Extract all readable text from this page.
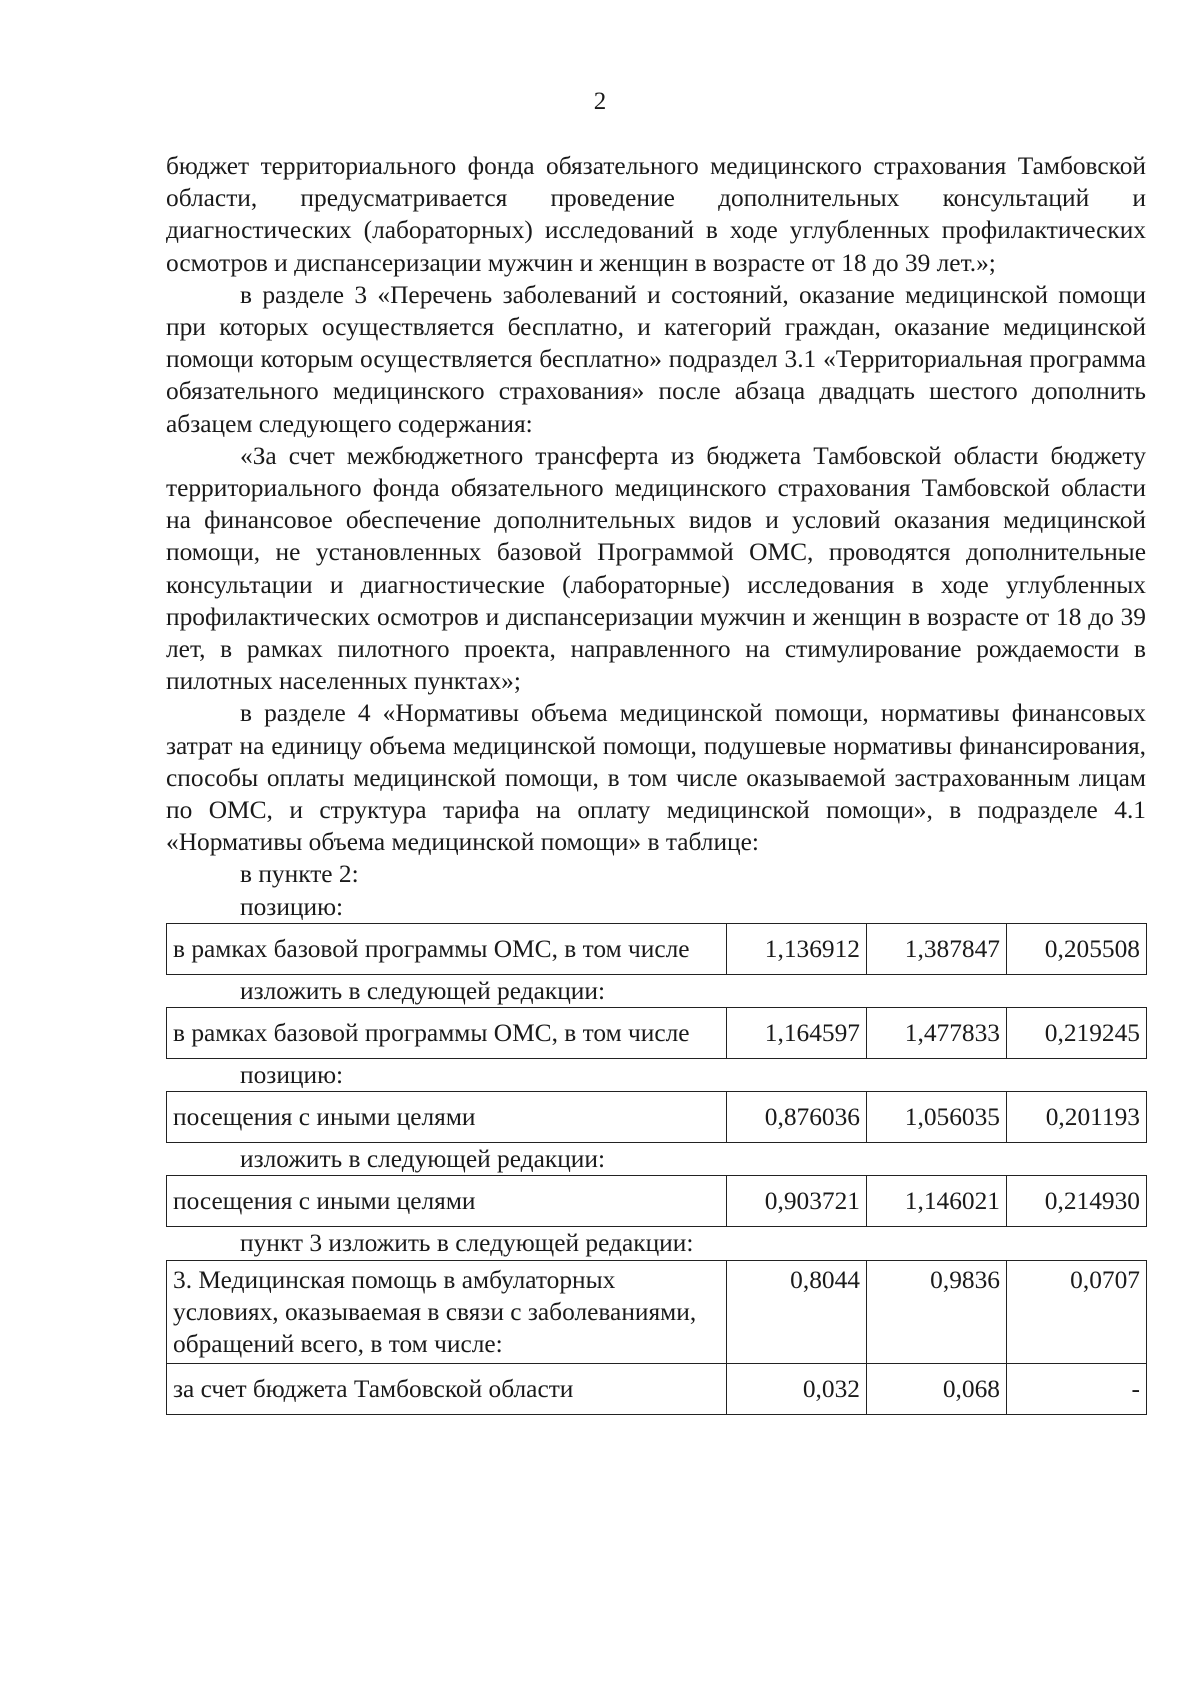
2

бюджет территориального фонда обязательного медицинского страхования Тамбовской области, предусматривается проведение дополнительных консультаций и диагностических (лабораторных) исследований в ходе углубленных профилактических осмотров и диспансеризации мужчин и женщин в возрасте от 18 до 39 лет.»;

в разделе 3 «Перечень заболеваний и состояний, оказание медицинской помощи при которых осуществляется бесплатно, и категорий граждан, оказание медицинской помощи которым осуществляется бесплатно» подраздел 3.1 «Территориальная программа обязательного медицинского страхования» после абзаца двадцать шестого дополнить абзацем следующего содержания:

«За счет межбюджетного трансферта из бюджета Тамбовской области бюджету территориального фонда обязательного медицинского страхования Тамбовской области на финансовое обеспечение дополнительных видов и условий оказания медицинской помощи, не установленных базовой Программой ОМС, проводятся дополнительные консультации и диагностические (лабораторные) исследования в ходе углубленных профилактических осмотров и диспансеризации мужчин и женщин в возрасте от 18 до 39 лет, в рамках пилотного проекта, направленного на стимулирование рождаемости в пилотных населенных пунктах»;

в разделе 4 «Нормативы объема медицинской помощи, нормативы финансовых затрат на единицу объема медицинской помощи, подушевые нормативы финансирования, способы оплаты медицинской помощи, в том числе оказываемой застрахованным лицам по ОМС, и структура тарифа на оплату медицинской помощи», в подразделе 4.1 «Нормативы объема медицинской помощи» в таблице:

в пункте 2:

позицию:

в рамках базовой программы ОМС, в том числе	1,136912	1,387847	0,205508

изложить в следующей редакции:

в рамках базовой программы ОМС, в том числе	1,164597	1,477833	0,219245

позицию:

посещения с иными целями	0,876036	1,056035	0,201193

изложить в следующей редакции:

посещения с иными целями	0,903721	1,146021	0,214930

пункт 3 изложить в следующей редакции:

3. Медицинская помощь в амбулаторных условиях, оказываемая в связи с заболеваниями, обращений всего, в том числе:	0,8044	0,9836	0,0707
за счет бюджета Тамбовской области	0,032	0,068	-
